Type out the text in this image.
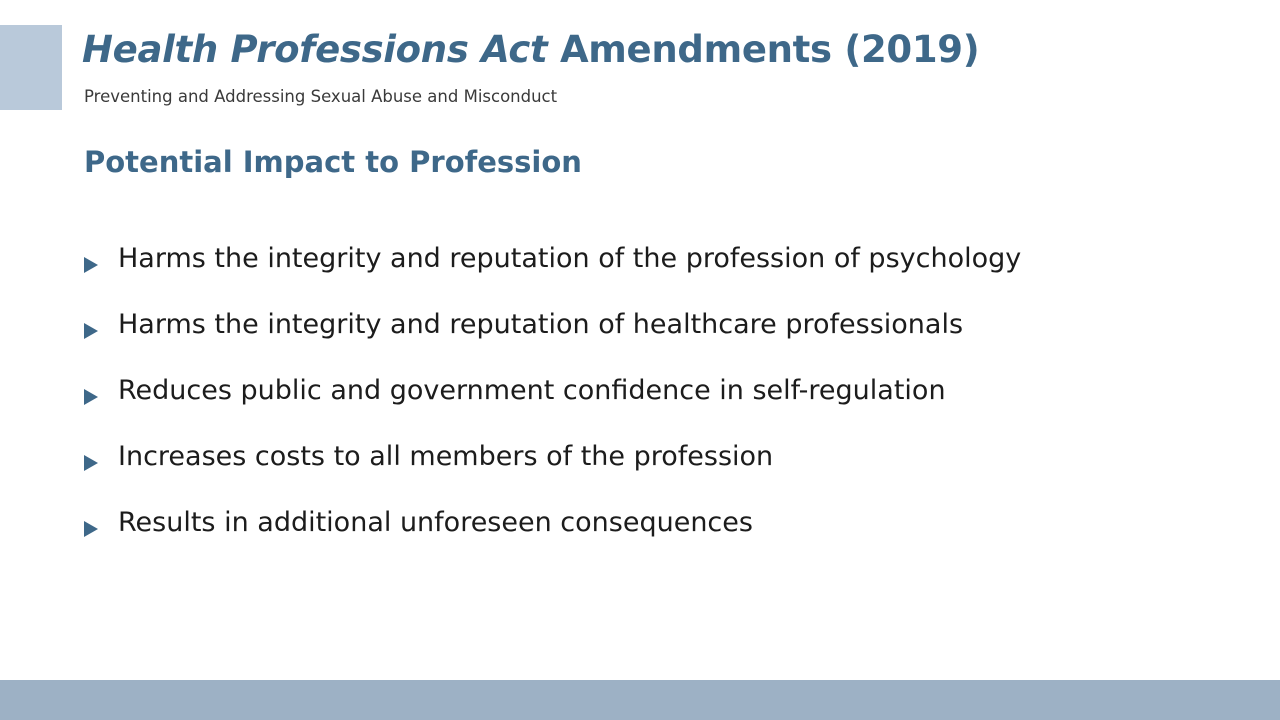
Health Professions Act Amendments (2019)
Preventing and Addressing Sexual Abuse and Misconduct
Potential Impact to Profession
Harms the integrity and reputation of the profession of psychology
Harms the integrity and reputation of healthcare professionals
Reduces public and government confidence in self-regulation
Increases costs to all members of the profession
Results in additional unforeseen consequences
